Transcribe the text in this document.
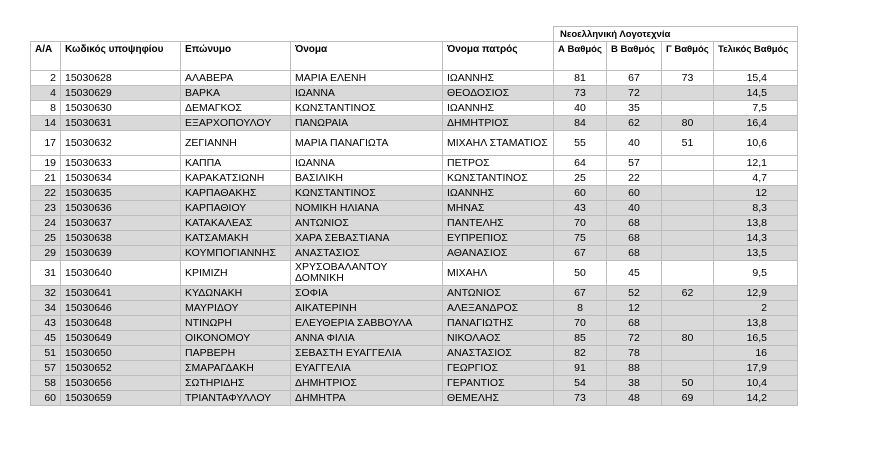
					Νεοελληνική Λογοτεχνία			
Α/Α	Κωδικός υποψηφίου	Επώνυμο	Όνομα	Όνομα πατρός	Α Βαθμός	Β Βαθμός	Γ Βαθμός	Τελικός Βαθμός
2	15030628	ΑΛΑΒΕΡΑ	ΜΑΡΙΑ ΕΛΕΝΗ	ΙΩΑΝΝΗΣ	81	67	73	15,4
4	15030629	ΒΑΡΚΑ	ΙΩΑΝΝΑ	ΘΕΟΔΟΣΙΟΣ	73	72		14,5
8	15030630	ΔΕΜΑΓΚΟΣ	ΚΩΝΣΤΑΝΤΙΝΟΣ	ΙΩΑΝΝΗΣ	40	35		7,5
14	15030631	ΕΞΑΡΧΟΠΟΥΛΟΥ	ΠΑΝΩΡΑΙΑ	ΔΗΜΗΤΡΙΟΣ	84	62	80	16,4
17	15030632	ΖΕΓΙΑΝΝΗ	ΜΑΡΙΑ ΠΑΝΑΓΙΩΤΑ	ΜΙΧΑΗΛ ΣΤΑΜΑΤΙΟΣ	55	40	51	10,6
19	15030633	ΚΑΠΠΑ	ΙΩΑΝΝΑ	ΠΕΤΡΟΣ	64	57		12,1
21	15030634	ΚΑΡΑΚΑΤΣΙΩΝΗ	ΒΑΣΙΛΙΚΗ	ΚΩΝΣΤΑΝΤΙΝΟΣ	25	22		4,7
22	15030635	ΚΑΡΠΑΘΑΚΗΣ	ΚΩΝΣΤΑΝΤΙΝΟΣ	ΙΩΑΝΝΗΣ	60	60		12
23	15030636	ΚΑΡΠΑΘΙΟΥ	ΝΟΜΙΚΗ ΗΛΙΑΝΑ	ΜΗΝΑΣ	43	40		8,3
24	15030637	ΚΑΤΑΚΑΛΕΑΣ	ΑΝΤΩΝΙΟΣ	ΠΑΝΤΕΛΗΣ	70	68		13,8
25	15030638	ΚΑΤΣΑΜΑΚΗ	ΧΑΡΑ ΣΕΒΑΣΤΙΑΝΑ	ΕΥΠΡΕΠΙΟΣ	75	68		14,3
29	15030639	ΚΟΥΜΠΟΓΙΑΝΝΗΣ	ΑΝΑΣΤΑΣΙΟΣ	ΑΘΑΝΑΣΙΟΣ	67	68		13,5
31	15030640	ΚΡΙΜΙΖΗ	ΧΡΥΣΟΒΑΛΑΝΤΟΥ ΔΟΜΝΙΚΗ	ΜΙΧΑΗΛ	50	45		9,5
32	15030641	ΚΥΔΩΝΑΚΗ	ΣΟΦΙΑ	ΑΝΤΩΝΙΟΣ	67	52	62	12,9
34	15030646	ΜΑΥΡΙΔΟΥ	ΑΙΚΑΤΕΡΙΝΗ	ΑΛΕΞΑΝΔΡΟΣ	8	12		2
43	15030648	ΝΤΙΝΩΡΗ	ΕΛΕΥΘΕΡΙΑ ΣΑΒΒΟΥΛΑ	ΠΑΝΑΓΙΩΤΗΣ	70	68		13,8
45	15030649	ΟΙΚΟΝΟΜΟΥ	ΑΝΝΑ ΦΙΛΙΑ	ΝΙΚΟΛΑΟΣ	85	72	80	16,5
51	15030650	ΠΑΡΒΕΡΗ	ΣΕΒΑΣΤΗ ΕΥΑΓΓΕΛΙΑ	ΑΝΑΣΤΑΣΙΟΣ	82	78		16
57	15030652	ΣΜΑΡΑΓΔΑΚΗ	ΕΥΑΓΓΕΛΙΑ	ΓΕΩΡΓΙΟΣ	91	88		17,9
58	15030656	ΣΩΤΗΡΙΔΗΣ	ΔΗΜΗΤΡΙΟΣ	ΓΕΡΑΝΤΙΟΣ	54	38	50	10,4
60	15030659	ΤΡΙΑΝΤΑΦΥΛΛΟΥ	ΔΗΜΗΤΡΑ	ΘΕΜΕΛΗΣ	73	48	69	14,2
